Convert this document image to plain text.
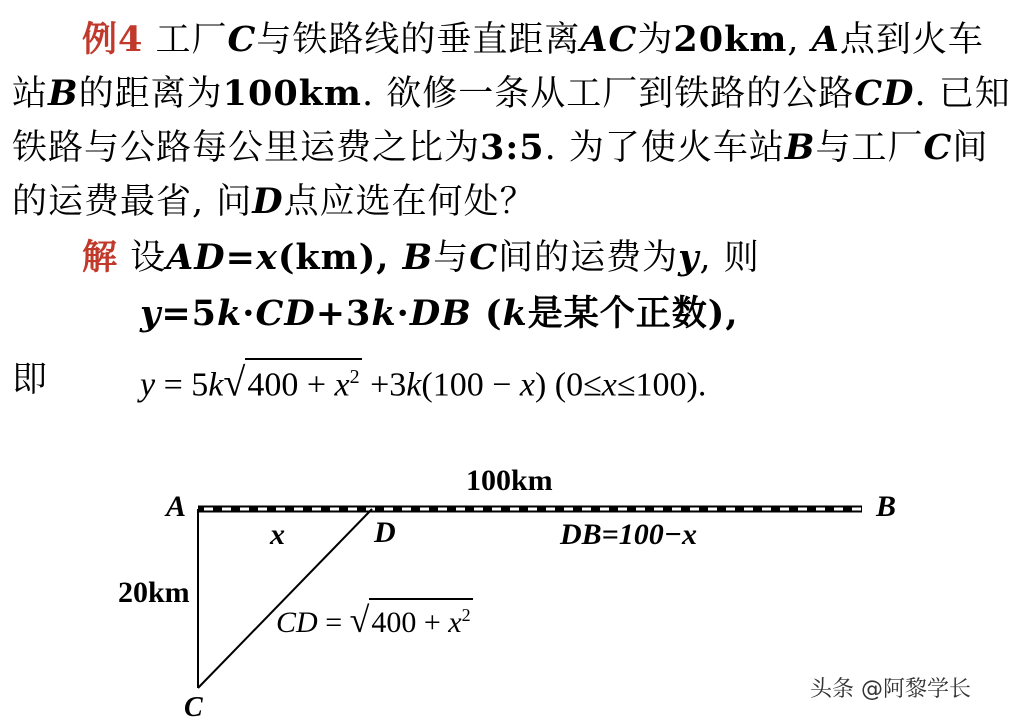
例4 工厂C与铁路线的垂直距离AC为20km, A点到火车
站B的距离为100km. 欲修一条从工厂到铁路的公路CD. 已知
铁路与公路每公里运费之比为3:5. 为了使火车站B与工厂C间
的运费最省, 问D点应选在何处？
解 设AD=x(km), B与C间的运费为y, 则
y=5k·CD+3k·DB (k是某个正数),
即	$y = 5k√400 + x^2 +3k(100 - x)$ (0≤x≤100).
A	B
C
D
x
100km
DB=100−x
20km
CD = $√400 + x^2$
头条 @阿黎学长
